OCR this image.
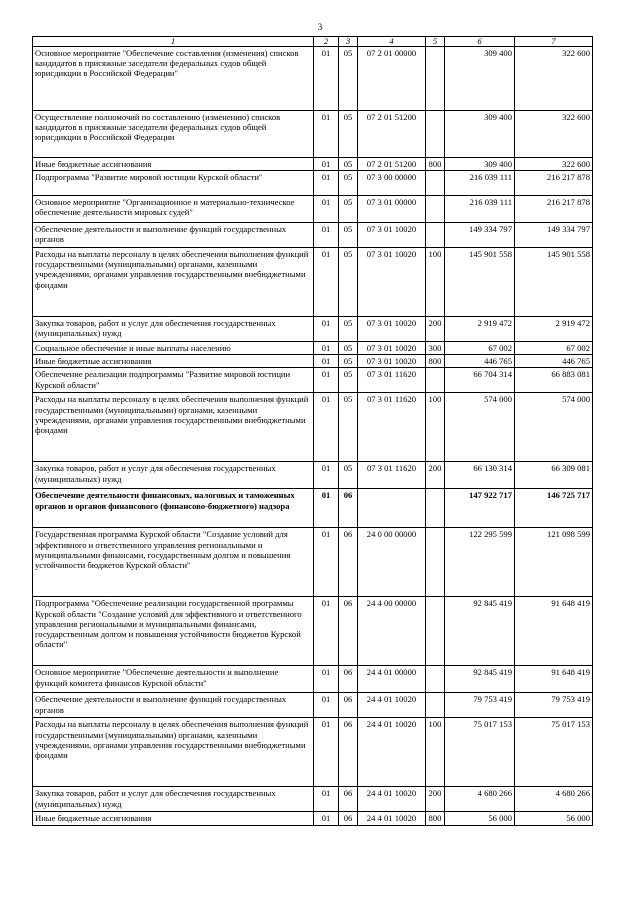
3
1	2	3	4	5	6	7
Основное мероприятие "Обеспечение составления (изменения) списков кандидатов в присяжные заседатели федеральных судов общей юрисдикции в Российской Федерации"	01	05	07 2 01 00000		309 400	322 600
Осуществление полномочий по составлению (изменению) списков кандидатов в присяжные заседатели федеральных судов общей юрисдикции в Российской Федерации	01	05	07 2 01 51200		309 400	322 600
Иные бюджетные ассигнования	01	05	07 2 01 51200	800	309 400	322 600
Подпрограмма "Развитие мировой юстиции Курской области"	01	05	07 3 00 00000		216 039 111	216 217 878
Основное мероприятие "Организационное и материально-техническое обеспечение деятельности мировых судей"	01	05	07 3 01 00000		216 039 111	216 217 878
Обеспечение деятельности и выполнение функций государственных органов	01	05	07 3 01 10020		149 334 797	149 334 797
Расходы на выплаты персоналу в целях обеспечения выполнения функций государственными (муниципальными) органами, казенными учреждениями, органами управления государственными внебюджетными фондами	01	05	07 3 01 10020	100	145 901 558	145 901 558
Закупка товаров, работ и услуг для обеспечения государственных (муниципальных) нужд	01	05	07 3 01 10020	200	2 919 472	2 919 472
Социальное обеспечение и иные выплаты населению	01	05	07 3 01 10020	300	67 002	67 002
Иные бюджетные ассигнования	01	05	07 3 01 10020	800	446 765	446 765
Обеспечение реализации подпрограммы "Развитие мировой юстиции Курской области"	01	05	07 3 01 11620		66 704 314	66 883 081
Расходы на выплаты персоналу в целях обеспечения выполнения функций государственными (муниципальными) органами, казенными учреждениями, органами управления государственными внебюджетными фондами	01	05	07 3 01 11620	100	574 000	574 000
Закупка товаров, работ и услуг для обеспечения государственных (муниципальных) нужд	01	05	07 3 01 11620	200	66 130 314	66 309 081
Обеспечение деятельности финансовых, налоговых и таможенных органов и органов финансового (финансово-бюджетного) надзора	01	06			147 922 717	146 725 717
Государственная программа Курской области "Создание условий для эффективного и ответственного управления региональными и муниципальными финансами, государственным долгом и повышения устойчивости бюджетов Курской области"	01	06	24 0 00 00000		122 295 599	121 098 599
Подпрограмма "Обеспечение реализации государственной программы Курской области "Создание условий для эффективного и ответственного управления региональными и муниципальными финансами, государственным долгом и повышения устойчивости бюджетов Курской области"	01	06	24 4 00 00000		92 845 419	91 648 419
Основное мероприятие "Обеспечение деятельности и выполнение функций комитета финансов Курской области"	01	06	24 4 01 00000		92 845 419	91 648 419
Обеспечение деятельности и выполнение функций государственных органов	01	06	24 4 01 10020		79 753 419	79 753 419
Расходы на выплаты персоналу в целях обеспечения выполнения функций государственными (муниципальными) органами, казенными учреждениями, органами управления государственными внебюджетными фондами	01	06	24 4 01 10020	100	75 017 153	75 017 153
Закупка товаров, работ и услуг для обеспечения государственных (муниципальных) нужд	01	06	24 4 01 10020	200	4 680 266	4 680 266
Иные бюджетные ассигнования	01	06	24 4 01 10020	800	56 000	56 000
